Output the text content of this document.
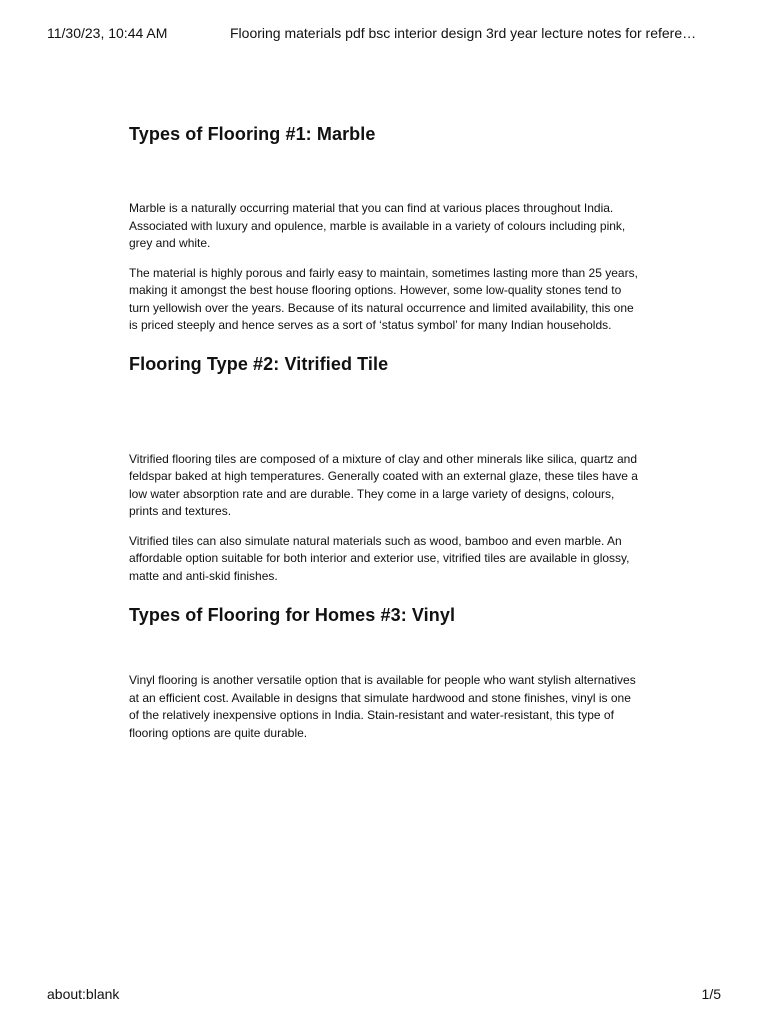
11/30/23, 10:44 AM	Flooring materials pdf bsc interior design 3rd year lecture notes for refere…
Types of Flooring #1: Marble

Marble is a naturally occurring material that you can find at various places throughout India. Associated with luxury and opulence, marble is available in a variety of colours including pink, grey and white.

The material is highly porous and fairly easy to maintain, sometimes lasting more than 25 years, making it amongst the best house flooring options. However, some low-quality stones tend to turn yellowish over the years. Because of its natural occurrence and limited availability, this one is priced steeply and hence serves as a sort of ‘status symbol’ for many Indian households.

Flooring Type #2: Vitrified Tile

Vitrified flooring tiles are composed of a mixture of clay and other minerals like silica, quartz and feldspar baked at high temperatures. Generally coated with an external glaze, these tiles have a low water absorption rate and are durable. They come in a large variety of designs, colours, prints and textures.

Vitrified tiles can also simulate natural materials such as wood, bamboo and even marble. An affordable option suitable for both interior and exterior use, vitrified tiles are available in glossy, matte and anti-skid finishes.

Types of Flooring for Homes #3: Vinyl

Vinyl flooring is another versatile option that is available for people who want stylish alternatives at an efficient cost. Available in designs that simulate hardwood and stone finishes, vinyl is one of the relatively inexpensive options in India. Stain-resistant and water-resistant, this type of flooring options are quite durable.

about:blank	1/5
